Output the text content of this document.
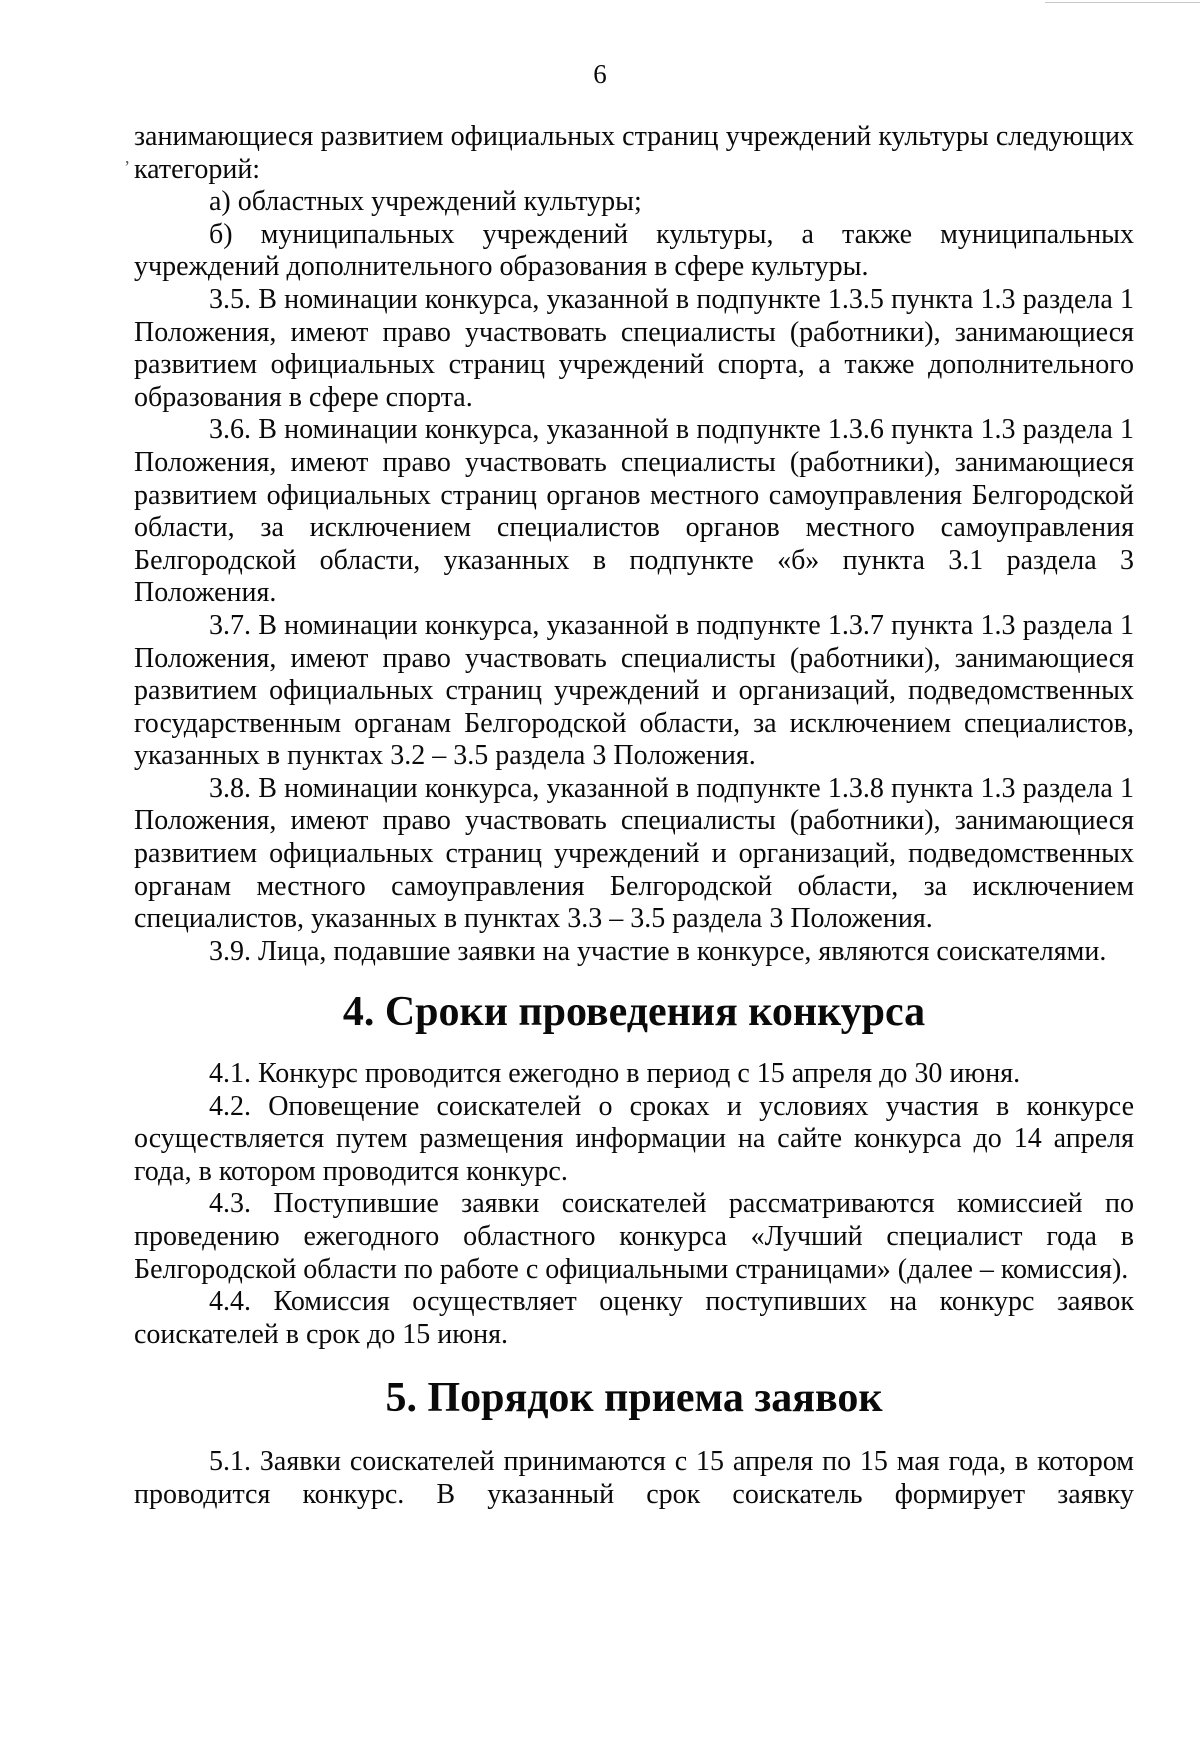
,
6

занимающиеся развитием официальных страниц учреждений культуры следующих категорий:

а) областных учреждений культуры;

б) муниципальных учреждений культуры, а также муниципальных учреждений дополнительного образования в сфере культуры.

3.5. В номинации конкурса, указанной в подпункте 1.3.5 пункта 1.3 раздела 1 Положения, имеют право участвовать специалисты (работники), занимающиеся развитием официальных страниц учреждений спорта, а также дополнительного образования в сфере спорта.

3.6. В номинации конкурса, указанной в подпункте 1.3.6 пункта 1.3 раздела 1 Положения, имеют право участвовать специалисты (работники), занимающиеся развитием официальных страниц органов местного самоуправления Белгородской области, за исключением специалистов органов местного самоуправления Белгородской области, указанных в подпункте «б» пункта 3.1 раздела 3 Положения.

3.7. В номинации конкурса, указанной в подпункте 1.3.7 пункта 1.3 раздела 1 Положения, имеют право участвовать специалисты (работники), занимающиеся развитием официальных страниц учреждений и организаций, подведомственных государственным органам Белгородской области, за исключением специалистов, указанных в пунктах 3.2 – 3.5 раздела 3 Положения.

3.8. В номинации конкурса, указанной в подпункте 1.3.8 пункта 1.3 раздела 1 Положения, имеют право участвовать специалисты (работники), занимающиеся развитием официальных страниц учреждений и организаций, подведомственных органам местного самоуправления Белгородской области, за исключением специалистов, указанных в пунктах 3.3 – 3.5 раздела 3 Положения.

3.9. Лица, подавшие заявки на участие в конкурсе, являются соискателями.

4. Сроки проведения конкурса

4.1. Конкурс проводится ежегодно в период с 15 апреля до 30 июня.

4.2. Оповещение соискателей о сроках и условиях участия в конкурсе осуществляется путем размещения информации на сайте конкурса до 14 апреля года, в котором проводится конкурс.

4.3. Поступившие заявки соискателей рассматриваются комиссией по проведению ежегодного областного конкурса «Лучший специалист года в Белгородской области по работе с официальными страницами» (далее – комиссия).

4.4. Комиссия осуществляет оценку поступивших на конкурс заявок соискателей в срок до 15 июня.

5. Порядок приема заявок

5.1. Заявки соискателей принимаются с 15 апреля по 15 мая года, в котором проводится конкурс. В указанный срок соискатель формирует заявку
